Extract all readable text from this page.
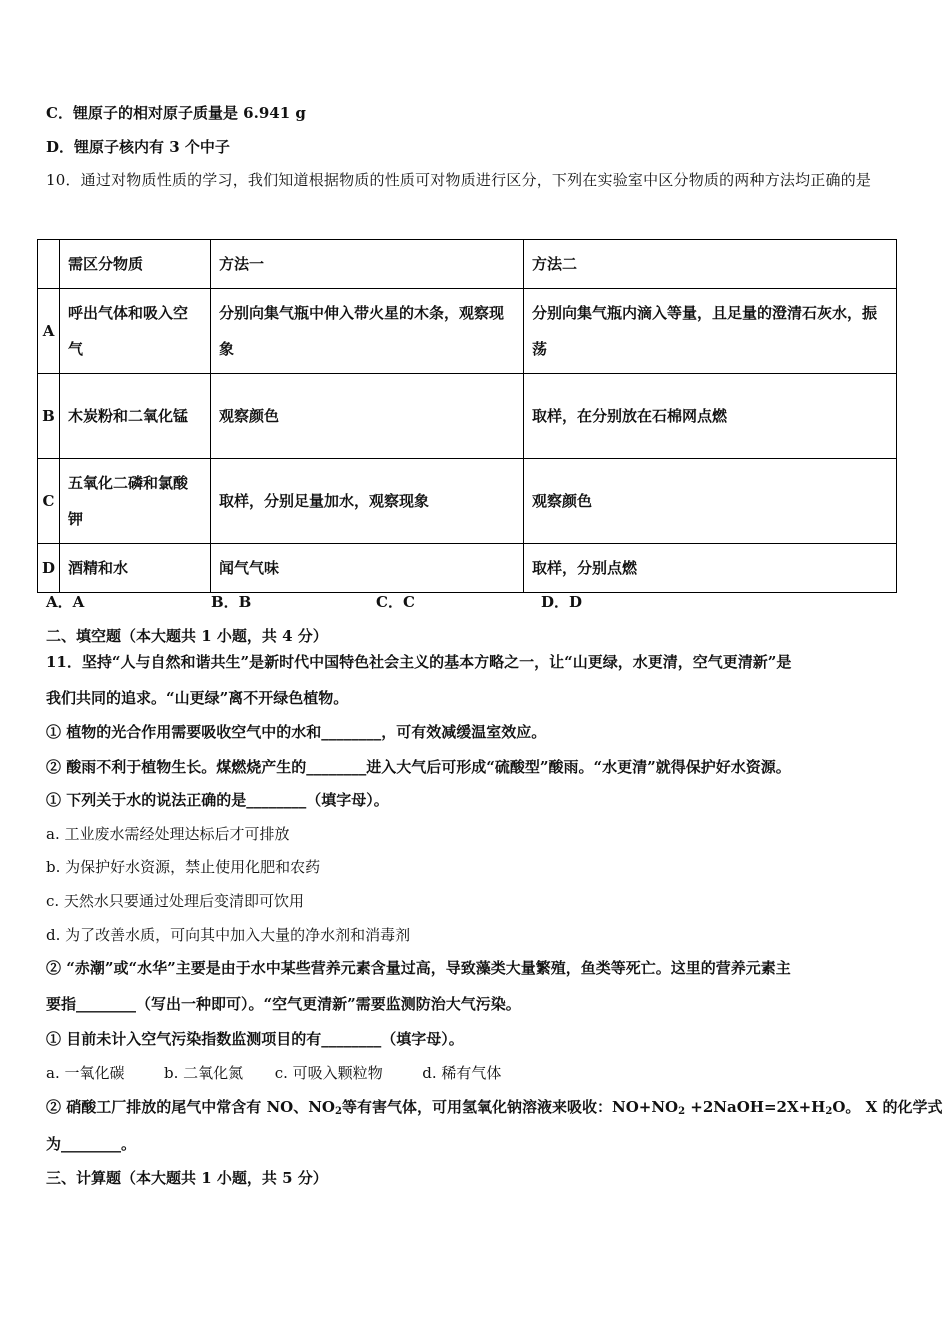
C．锂原子的相对原子质量是 6.941 g
D．锂原子核内有 3 个中子
10．通过对物质性质的学习，我们知道根据物质的性质可对物质进行区分，下列在实验室中区分物质的两种方法均正确的是
	需区分物质	方法一	方法二
A	呼出气体和吸入空气	分别向集气瓶中伸入带火星的木条，观察现象	分别向集气瓶内滴入等量，且足量的澄清石灰水，振荡
B	木炭粉和二氧化锰	观察颜色	取样，在分别放在石棉网点燃
C	五氧化二磷和氯酸钾	取样，分别足量加水，观察现象	观察颜色
D	酒精和水	闻气气味	取样，分别点燃
A．A	B．B	C．C	D．D
二、填空题（本大题共 1 小题，共 4 分）
11．坚持“人与自然和谐共生”是新时代中国特色社会主义的基本方略之一，让“山更绿，水更清，空气更清新”是
我们共同的追求。“山更绿”离不开绿色植物。
① 植物的光合作用需要吸收空气中的水和________，可有效减缓温室效应。
② 酸雨不利于植物生长。煤燃烧产生的________进入大气后可形成“硫酸型”酸雨。“水更清”就得保护好水资源。
① 下列关于水的说法正确的是________（填字母）。
a. 工业废水需经处理达标后才可排放
b. 为保护好水资源，禁止使用化肥和农药
c. 天然水只要通过处理后变清即可饮用
d. 为了改善水质，可向其中加入大量的净水剂和消毒剂
② “赤潮”或“水华”主要是由于水中某些营养元素含量过高，导致藻类大量繁殖，鱼类等死亡。这里的营养元素主
要指________（写出一种即可）。“空气更清新”需要监测防治大气污染。
① 目前未计入空气污染指数监测项目的有________（填字母）。
a. 一氧化碳	b. 二氧化氮 c. 可吸入颗粒物	d. 稀有气体
② 硝酸工厂排放的尾气中常含有 NO、$NO_2$等有害气体，可用氢氧化钠溶液来吸收：$NO+NO_2$ $+2NaOH=2X+H_2O$。 X 的化学式
为________。
三、计算题（本大题共 1 小题，共 5 分）
